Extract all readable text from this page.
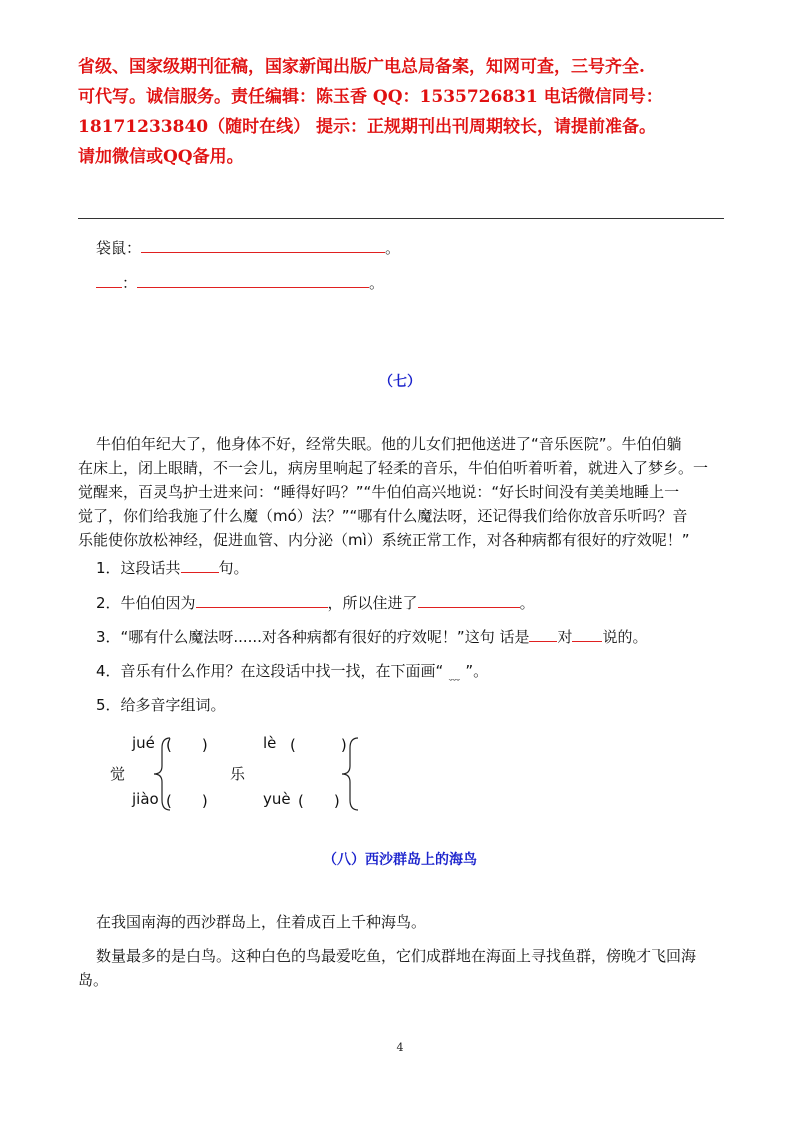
省级、国家级期刊征稿，国家新闻出版广电总局备案，知网可查，三号齐全.
可代写。诚信服务。责任编辑：陈玉香 QQ：1535726831 电话微信同号：
18171233840（随时在线） 提示：正规期刊出刊周期较长，请提前准备。
请加微信或QQ备用。
袋鼠：	。
：	。
（七）
牛伯伯年纪大了，他身体不好，经常失眠。他的儿女们把他送进了“音乐医院”。牛伯伯躺
在床上，闭上眼睛，不一会儿，病房里响起了轻柔的音乐，牛伯伯听着听着，就进入了梦乡。一
觉醒来，百灵鸟护士进来问：“睡得好吗？”“牛伯伯高兴地说：“好长时间没有美美地睡上一
觉了，你们给我施了什么魔（mó）法？”“哪有什么魔法呀，还记得我们给你放音乐听吗？音
乐能使你放松神经，促进血管、内分泌（mì）系统正常工作，对各种病都有很好的疗效呢！”
1．这段话共	句。
2．牛伯伯因为	，所以住进了	。
3．“哪有什么魔法呀......对各种病都有很好的疗效呢！”这句 话是 对 说的。
4．音乐有什么作用？在这段话中找一找，在下面画“ ﹏ ”。
5．给多音字组词。
jué
jiào
觉
(　　)
(　　)
lè
yuè
乐
(　　　)
(　　)
（八）西沙群岛上的海鸟
在我国南海的西沙群岛上，住着成百上千种海鸟。
数量最多的是白鸟。这种白色的鸟最爱吃鱼，它们成群地在海面上寻找鱼群，傍晚才飞回海
岛。
4
